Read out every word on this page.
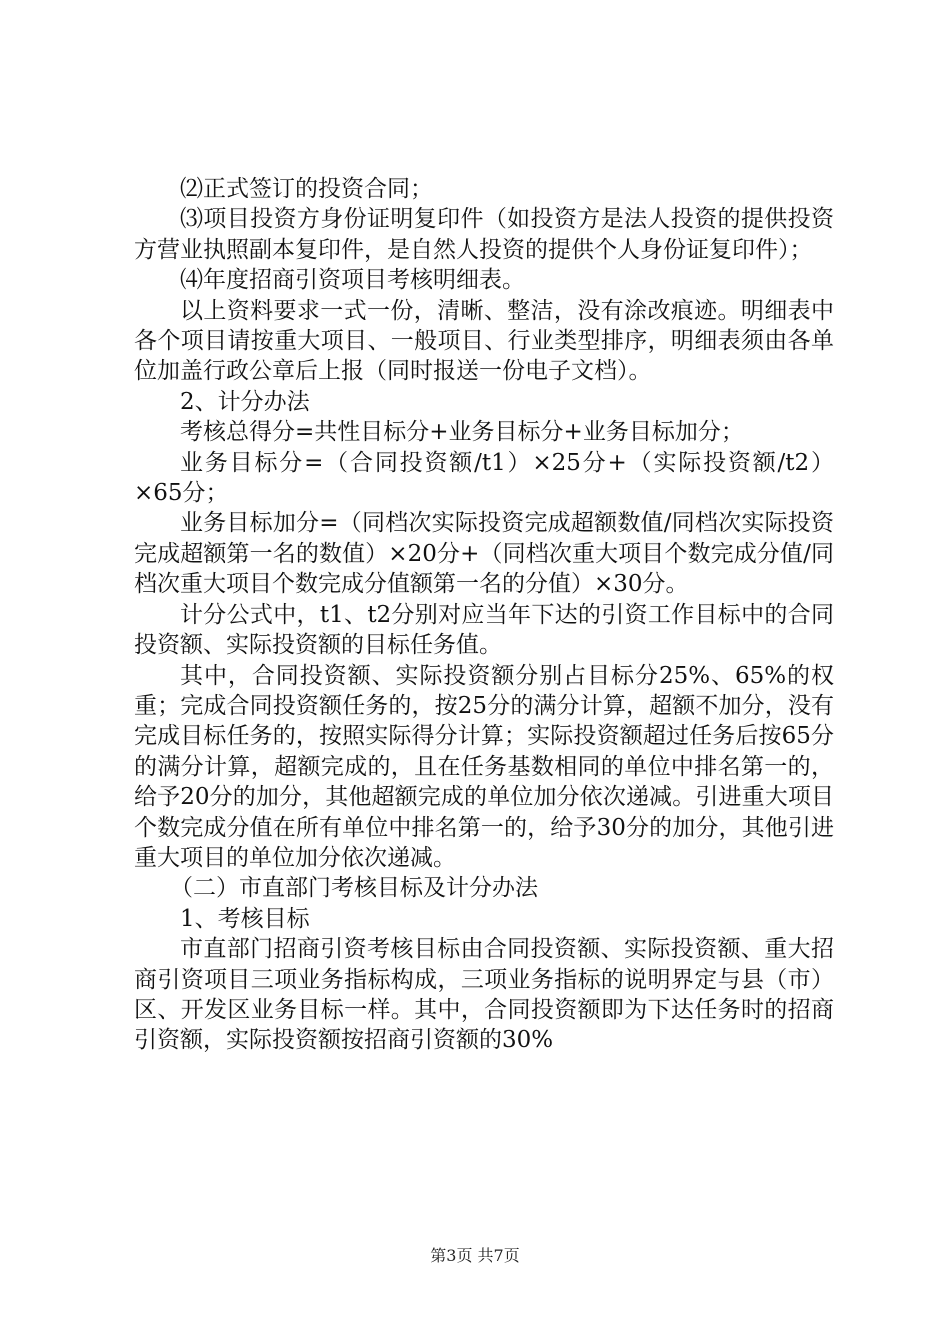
⑵正式签订的投资合同；

⑶项目投资方身份证明复印件（如投资方是法人投资的提供投资方营业执照副本复印件，是自然人投资的提供个人身份证复印件）；

⑷年度招商引资项目考核明细表。

以上资料要求一式一份，清晰、整洁，没有涂改痕迹。明细表中各个项目请按重大项目、一般项目、行业类型排序，明细表须由各单位加盖行政公章后上报（同时报送一份电子文档）。

2、计分办法

考核总得分=共性目标分+业务目标分+业务目标加分；

业务目标分=（合同投资额/t1）×25分+（实际投资额/t2）×65分；

业务目标加分=（同档次实际投资完成超额数值/同档次实际投资完成超额第一名的数值）×20分+（同档次重大项目个数完成分值/同档次重大项目个数完成分值额第一名的分值）×30分。

计分公式中，t1、t2分别对应当年下达的引资工作目标中的合同投资额、实际投资额的目标任务值。

其中，合同投资额、实际投资额分别占目标分25%、65%的权重；完成合同投资额任务的，按25分的满分计算，超额不加分，没有完成目标任务的，按照实际得分计算；实际投资额超过任务后按65分的满分计算，超额完成的，且在任务基数相同的单位中排名第一的，给予20分的加分，其他超额完成的单位加分依次递减。引进重大项目个数完成分值在所有单位中排名第一的，给予30分的加分，其他引进重大项目的单位加分依次递减。

（二）市直部门考核目标及计分办法

1、考核目标

市直部门招商引资考核目标由合同投资额、实际投资额、重大招商引资项目三项业务指标构成，三项业务指标的说明界定与县（市）区、开发区业务目标一样。其中，合同投资额即为下达任务时的招商引资额，实际投资额按招商引资额的30%

第3页 共7页
